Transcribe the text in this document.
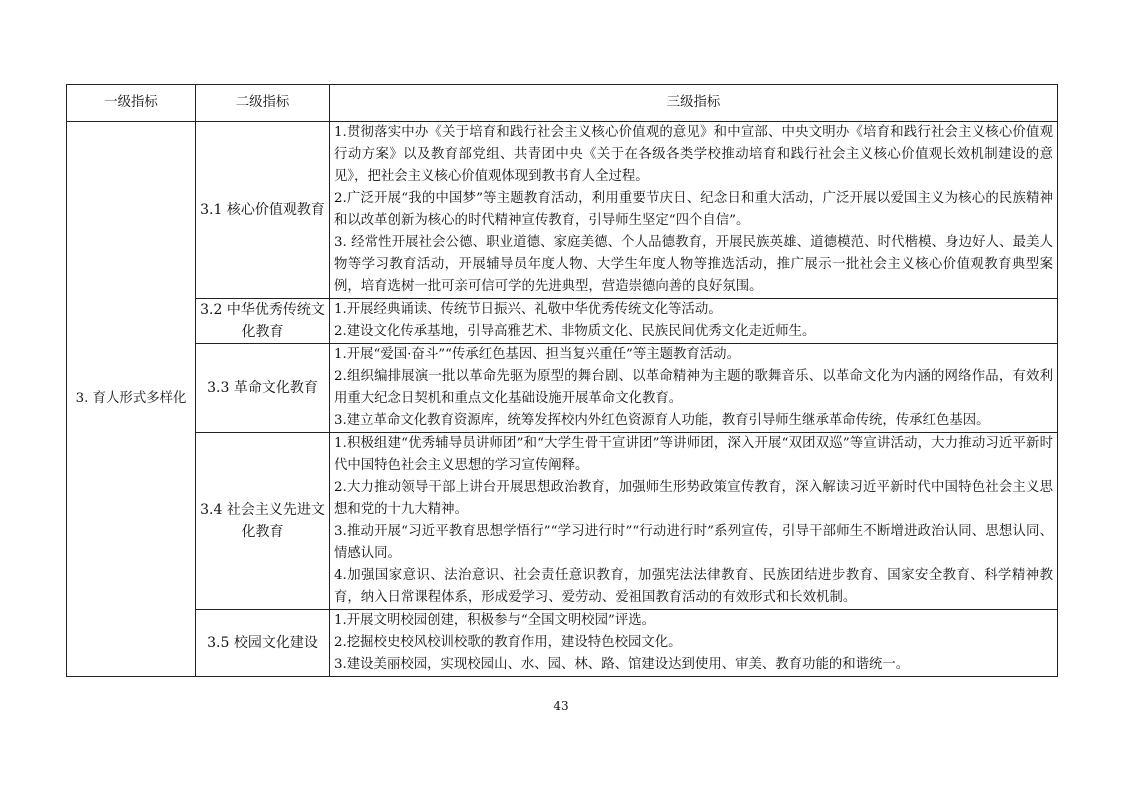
一级指标	二级指标	三级指标
3. 育人形式多样化	3.1 核心价值观教育	1.贯彻落实中办《关于培育和践行社会主义核心价值观的意见》和中宣部、中央文明办《培育和践行社会主义核心价值观行动方案》以及教育部党组、共青团中央《关于在各级各类学校推动培育和践行社会主义核心价值观长效机制建设的意见》，把社会主义核心价值观体现到教书育人全过程。
2.广泛开展“我的中国梦”等主题教育活动，利用重要节庆日、纪念日和重大活动，广泛开展以爱国主义为核心的民族精神和以改革创新为核心的时代精神宣传教育，引导师生坚定“四个自信”。
3. 经常性开展社会公德、职业道德、家庭美德、个人品德教育，开展民族英雄、道德模范、时代楷模、身边好人、最美人物等学习教育活动，开展辅导员年度人物、大学生年度人物等推选活动，推广展示一批社会主义核心价值观教育典型案例，培育选树一批可亲可信可学的先进典型，营造崇德向善的良好氛围。

	3.2 中华优秀传统文化教育	1.开展经典诵读、传统节日振兴、礼敬中华优秀传统文化等活动。
2.建设文化传承基地，引导高雅艺术、非物质文化、民族民间优秀文化走近师生。

	3.3 革命文化教育	1.开展“爱国·奋斗”“传承红色基因、担当复兴重任”等主题教育活动。
2.组织编排展演一批以革命先驱为原型的舞台剧、以革命精神为主题的歌舞音乐、以革命文化为内涵的网络作品，有效利用重大纪念日契机和重点文化基础设施开展革命文化教育。
3.建立革命文化教育资源库，统筹发挥校内外红色资源育人功能，教育引导师生继承革命传统，传承红色基因。

	3.4 社会主义先进文化教育	1.积极组建“优秀辅导员讲师团”和“大学生骨干宣讲团”等讲师团，深入开展“双团双巡”等宣讲活动，大力推动习近平新时代中国特色社会主义思想的学习宣传阐释。
2.大力推动领导干部上讲台开展思想政治教育，加强师生形势政策宣传教育，深入解读习近平新时代中国特色社会主义思想和党的十九大精神。
3.推动开展“习近平教育思想学悟行”“学习进行时”“行动进行时”系列宣传，引导干部师生不断增进政治认同、思想认同、情感认同。
4.加强国家意识、法治意识、社会责任意识教育，加强宪法法律教育、民族团结进步教育、国家安全教育、科学精神教育，纳入日常课程体系，形成爱学习、爱劳动、爱祖国教育活动的有效形式和长效机制。

	3.5 校园文化建设	1.开展文明校园创建，积极参与“全国文明校园”评选。
2.挖掘校史校风校训校歌的教育作用，建设特色校园文化。
3.建设美丽校园，实现校园山、水、园、林、路、馆建设达到使用、审美、教育功能的和谐统一。
43
